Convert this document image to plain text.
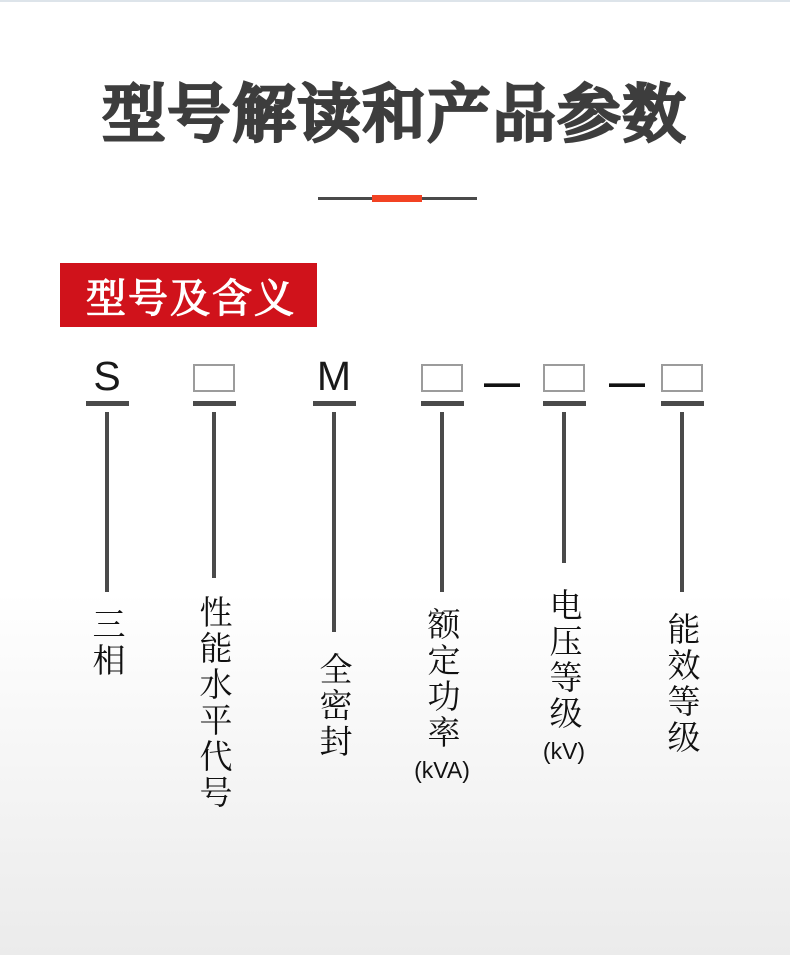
型号解读和产品参数
型号及含义
S
三相 性能水平代号
M
全密封 额定功率
(kVA)
电压等级
(kV) 能效等级
— —
